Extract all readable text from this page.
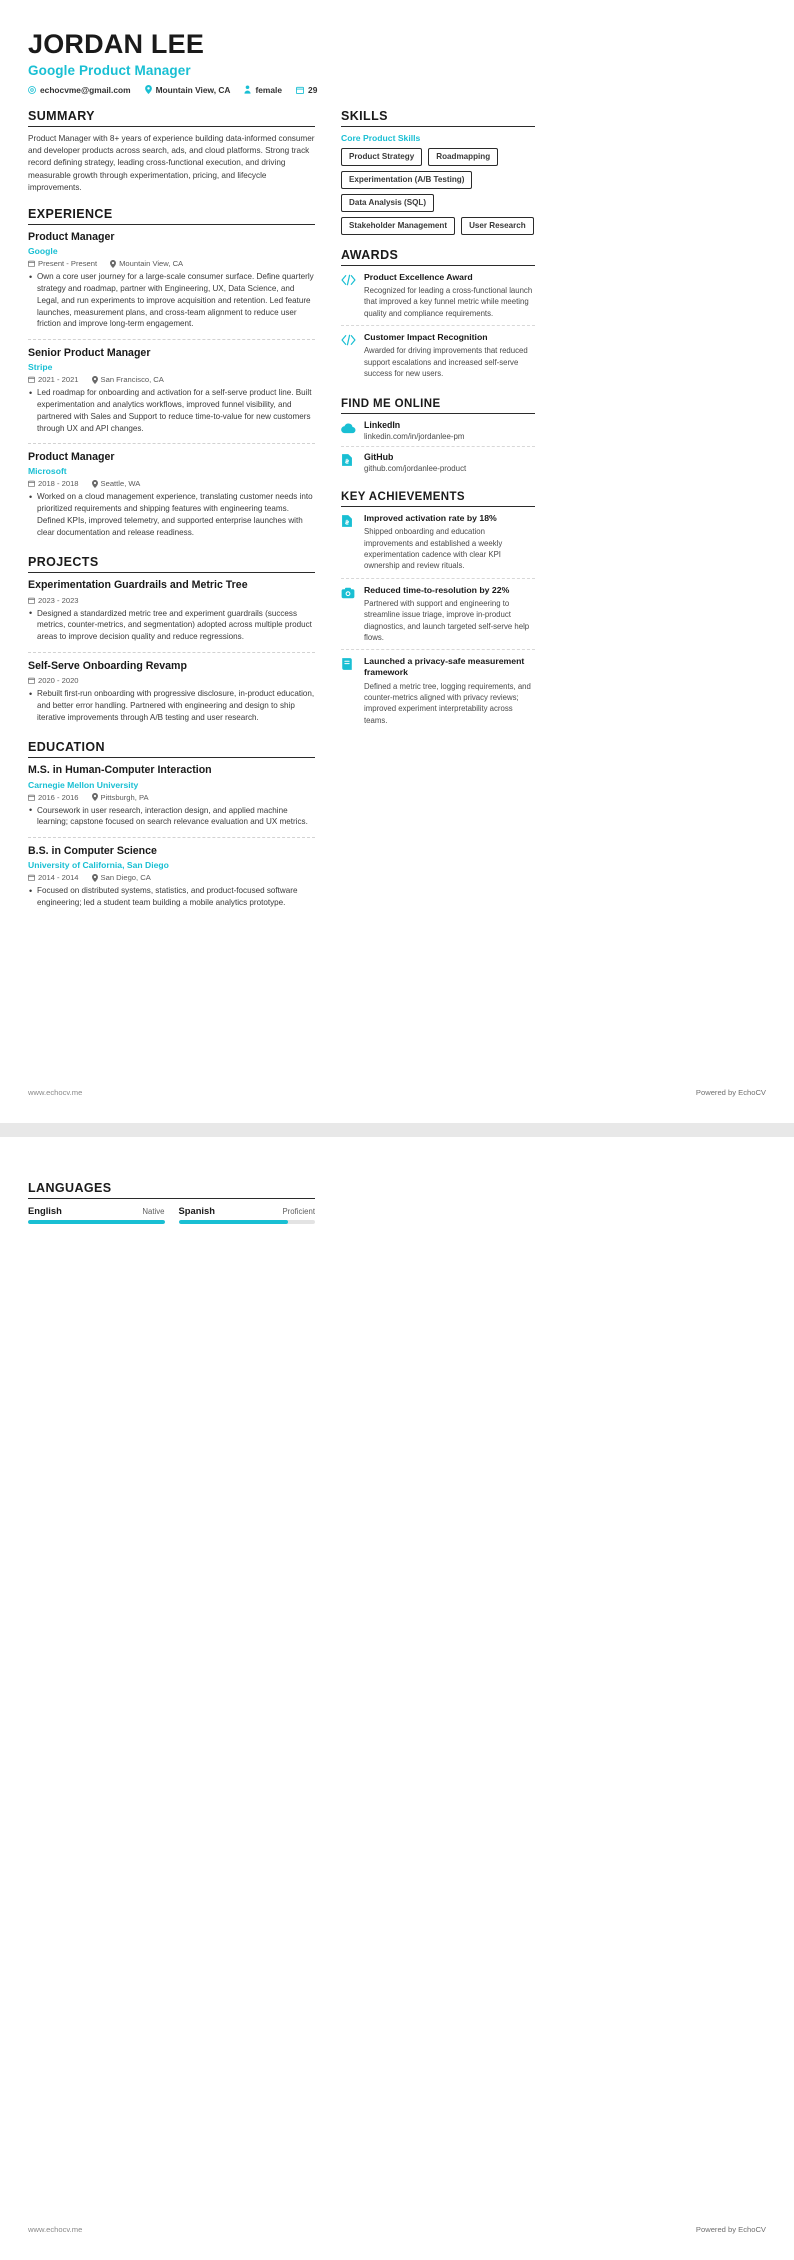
JORDAN LEE
Google Product Manager
echocvme@gmail.com	Mountain View, CA	female	29
SUMMARY
Product Manager with 8+ years of experience building data-informed consumer and developer products across search, ads, and cloud platforms. Strong track record defining strategy, leading cross-functional execution, and driving measurable growth through experimentation, pricing, and lifecycle improvements.
EXPERIENCE
Product Manager
Google
Present - Present	Mountain View, CA
• Own a core user journey for a large-scale consumer surface. Define quarterly strategy and roadmap, partner with Engineering, UX, Data Science, and Legal, and run experiments to improve acquisition and retention. Led feature launches, measurement plans, and cross-team alignment to reduce user friction and improve long-term engagement.
Senior Product Manager
Stripe
2021 - 2021	San Francisco, CA
• Led roadmap for onboarding and activation for a self-serve product line. Built experimentation and analytics workflows, improved funnel visibility, and partnered with Sales and Support to reduce time-to-value for new customers through UX and API changes.
Product Manager
Microsoft
2018 - 2018	Seattle, WA
• Worked on a cloud management experience, translating customer needs into prioritized requirements and shipping features with engineering teams. Defined KPIs, improved telemetry, and supported enterprise launches with clear documentation and release readiness.
PROJECTS
Experimentation Guardrails and Metric Tree
2023 - 2023
• Designed a standardized metric tree and experiment guardrails (success metrics, counter-metrics, and segmentation) adopted across multiple product areas to improve decision quality and reduce regressions.
Self-Serve Onboarding Revamp
2020 - 2020
• Rebuilt first-run onboarding with progressive disclosure, in-product education, and better error handling. Partnered with engineering and design to ship iterative improvements through A/B testing and user research.
EDUCATION
M.S. in Human-Computer Interaction
Carnegie Mellon University
2016 - 2016	Pittsburgh, PA
• Coursework in user research, interaction design, and applied machine learning; capstone focused on search relevance evaluation and UX metrics.
B.S. in Computer Science
University of California, San Diego
2014 - 2014	San Diego, CA
• Focused on distributed systems, statistics, and product-focused software engineering; led a student team building a mobile analytics prototype.
SKILLS
Core Product Skills
Product Strategy	Roadmapping
Experimentation (A/B Testing)
Data Analysis (SQL)
Stakeholder Management	User Research
AWARDS
Product Excellence Award
Recognized for leading a cross-functional launch that improved a key funnel metric while meeting quality and compliance requirements.
Customer Impact Recognition
Awarded for driving improvements that reduced support escalations and increased self-serve success for new users.
FIND ME ONLINE
LinkedIn
linkedin.com/in/jordanlee-pm
GitHub
github.com/jordanlee-product
KEY ACHIEVEMENTS
Improved activation rate by 18%
Shipped onboarding and education improvements and established a weekly experimentation cadence with clear KPI ownership and review rituals.
Reduced time-to-resolution by 22%
Partnered with support and engineering to streamline issue triage, improve in-product diagnostics, and launch targeted self-serve help flows.
Launched a privacy-safe measurement framework
Defined a metric tree, logging requirements, and counter-metrics aligned with privacy reviews; improved experiment interpretability across teams.
www.echocv.me	Powered by EchoCV
LANGUAGES
English	Native Spanish	Proficient
www.echocv.me	Powered by EchoCV
